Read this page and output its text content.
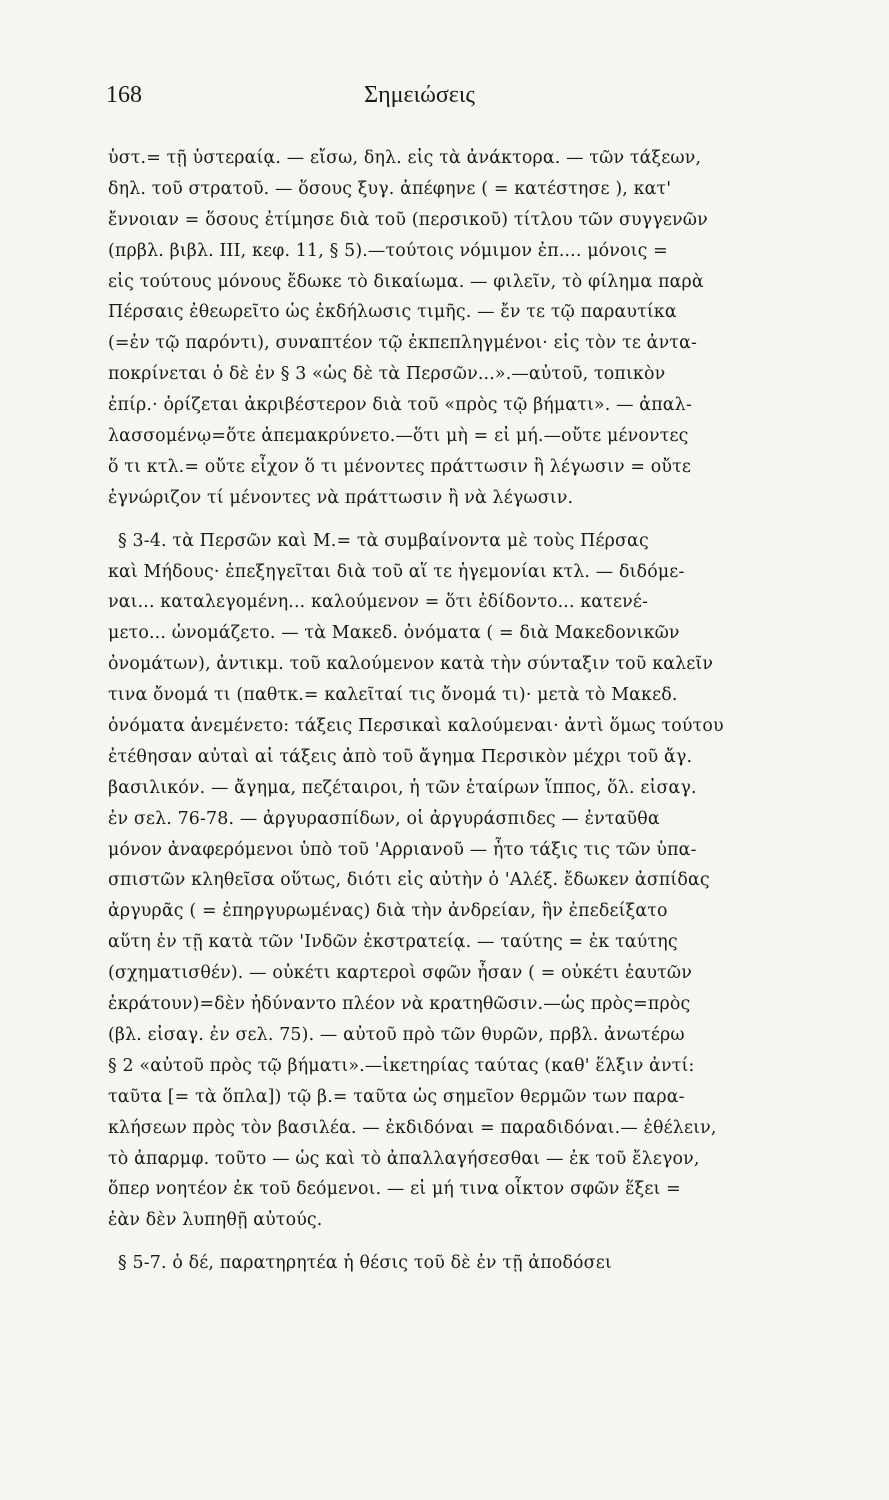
168	Σημειώσεις
ὑστ.= τῇ ὑστεραίᾳ. — εἴσω, δηλ. εἰς τὰ ἀνάκτορα. — τῶν τάξεων,
δηλ. τοῦ στρατοῦ. — ὅσους ξυγ. ἀπέφηνε ( = κατέστησε ), κατ'
ἔννοιαν = ὅσους ἐτίμησε διὰ τοῦ (περσικοῦ) τίτλου τῶν συγγενῶν
(πρβλ. βιβλ. III, κεφ. 11, § 5).—τούτοις νόμιμον ἐπ.... μόνοις =
εἰς τούτους μόνους ἔδωκε τὸ δικαίωμα. — φιλεῖν, τὸ φίλημα παρὰ
Πέρσαις ἐθεωρεῖτο ὡς ἐκδήλωσις τιμῆς. — ἔν τε τῷ παραυτίκα
(=ἐν τῷ παρόντι), συναπτέον τῷ ἐκπεπληγμένοι· εἰς τὸν τε ἀντα-
ποκρίνεται ὁ δὲ ἐν § 3 «ὡς δὲ τὰ Περσῶν...».—αὐτοῦ, τοπικὸν
ἐπίρ.· ὁρίζεται ἀκριβέστερον διὰ τοῦ «πρὸς τῷ βήματι». — ἀπαλ-
λασσομένῳ=ὅτε ἀπεμακρύνετο.—ὅτι μὴ = εἰ μή.—οὔτε μένοντες
ὅ τι κτλ.= οὔτε εἶχον ὅ τι μένοντες πράττωσιν ἢ λέγωσιν = οὔτε
ἐγνώριζον τί μένοντες νὰ πράττωσιν ἢ νὰ λέγωσιν.
§ 3-4. τὰ Περσῶν καὶ Μ.= τὰ συμβαίνοντα μὲ τοὺς Πέρσας
καὶ Μήδους· ἐπεξηγεῖται διὰ τοῦ αἵ τε ἡγεμονίαι κτλ. — διδόμε-
ναι... καταλεγομένη... καλούμενον = ὅτι ἐδίδοντο... κατενέ-
μετο... ὠνομάζετο. — τὰ Μακεδ. ὀνόματα ( = διὰ Μακεδονικῶν
ὀνομάτων), ἀντικμ. τοῦ καλούμενον κατὰ τὴν σύνταξιν τοῦ καλεῖν
τινα ὄνομά τι (παθτκ.= καλεῖταί τις ὄνομά τι)· μετὰ τὸ Μακεδ.
ὀνόματα ἀνεμένετο: τάξεις Περσικαὶ καλούμεναι· ἀντὶ ὅμως τούτου
ἐτέθησαν αὐταὶ αἱ τάξεις ἀπὸ τοῦ ἄγημα Περσικὸν μέχρι τοῦ ἄγ.
βασιλικόν. — ἄγημα, πεζέταιροι, ἡ τῶν ἑταίρων ἵππος, ὅλ. εἰσαγ.
ἐν σελ. 76-78. — ἀργυρασπίδων, οἱ ἀργυράσπιδες — ἐνταῦθα
μόνον ἀναφερόμενοι ὑπὸ τοῦ 'Αρριανοῦ — ἦτο τάξις τις τῶν ὑπα-
σπιστῶν κληθεῖσα οὕτως, διότι εἰς αὐτὴν ὁ 'Αλέξ. ἔδωκεν ἀσπίδας
ἀργυρᾶς ( = ἐπηργυρωμένας) διὰ τὴν ἀνδρείαν, ἣν ἐπεδείξατο
αὕτη ἐν τῇ κατὰ τῶν 'Ινδῶν ἐκστρατείᾳ. — ταύτης = ἐκ ταύτης
(σχηματισθέν). — οὐκέτι καρτεροὶ σφῶν ἦσαν ( = οὐκέτι ἑαυτῶν
ἐκράτουν)=δὲν ἠδύναντο πλέον νὰ κρατηθῶσιν.—ὡς πρὸς=πρὸς
(βλ. εἰσαγ. ἐν σελ. 75). — αὐτοῦ πρὸ τῶν θυρῶν, πρβλ. ἀνωτέρω
§ 2 «αὐτοῦ πρὸς τῷ βήματι».—ἱκετηρίας ταύτας (καθ' ἕλξιν ἀντί:
ταῦτα [= τὰ ὅπλα]) τῷ β.= ταῦτα ὡς σημεῖον θερμῶν των παρα-
κλήσεων πρὸς τὸν βασιλέα. — ἐκδιδόναι = παραδιδόναι.— ἐθέλειν,
τὸ ἀπαρμφ. τοῦτο — ὡς καὶ τὸ ἀπαλλαγήσεσθαι — ἐκ τοῦ ἔλεγον,
ὅπερ νοητέον ἐκ τοῦ δεόμενοι. — εἰ μή τινα οἶκτον σφῶν ἕξει =
ἐὰν δὲν λυπηθῇ αὐτούς.
§ 5-7. ὁ δέ, παρατηρητέα ἡ θέσις τοῦ δὲ ἐν τῇ ἀποδόσει
